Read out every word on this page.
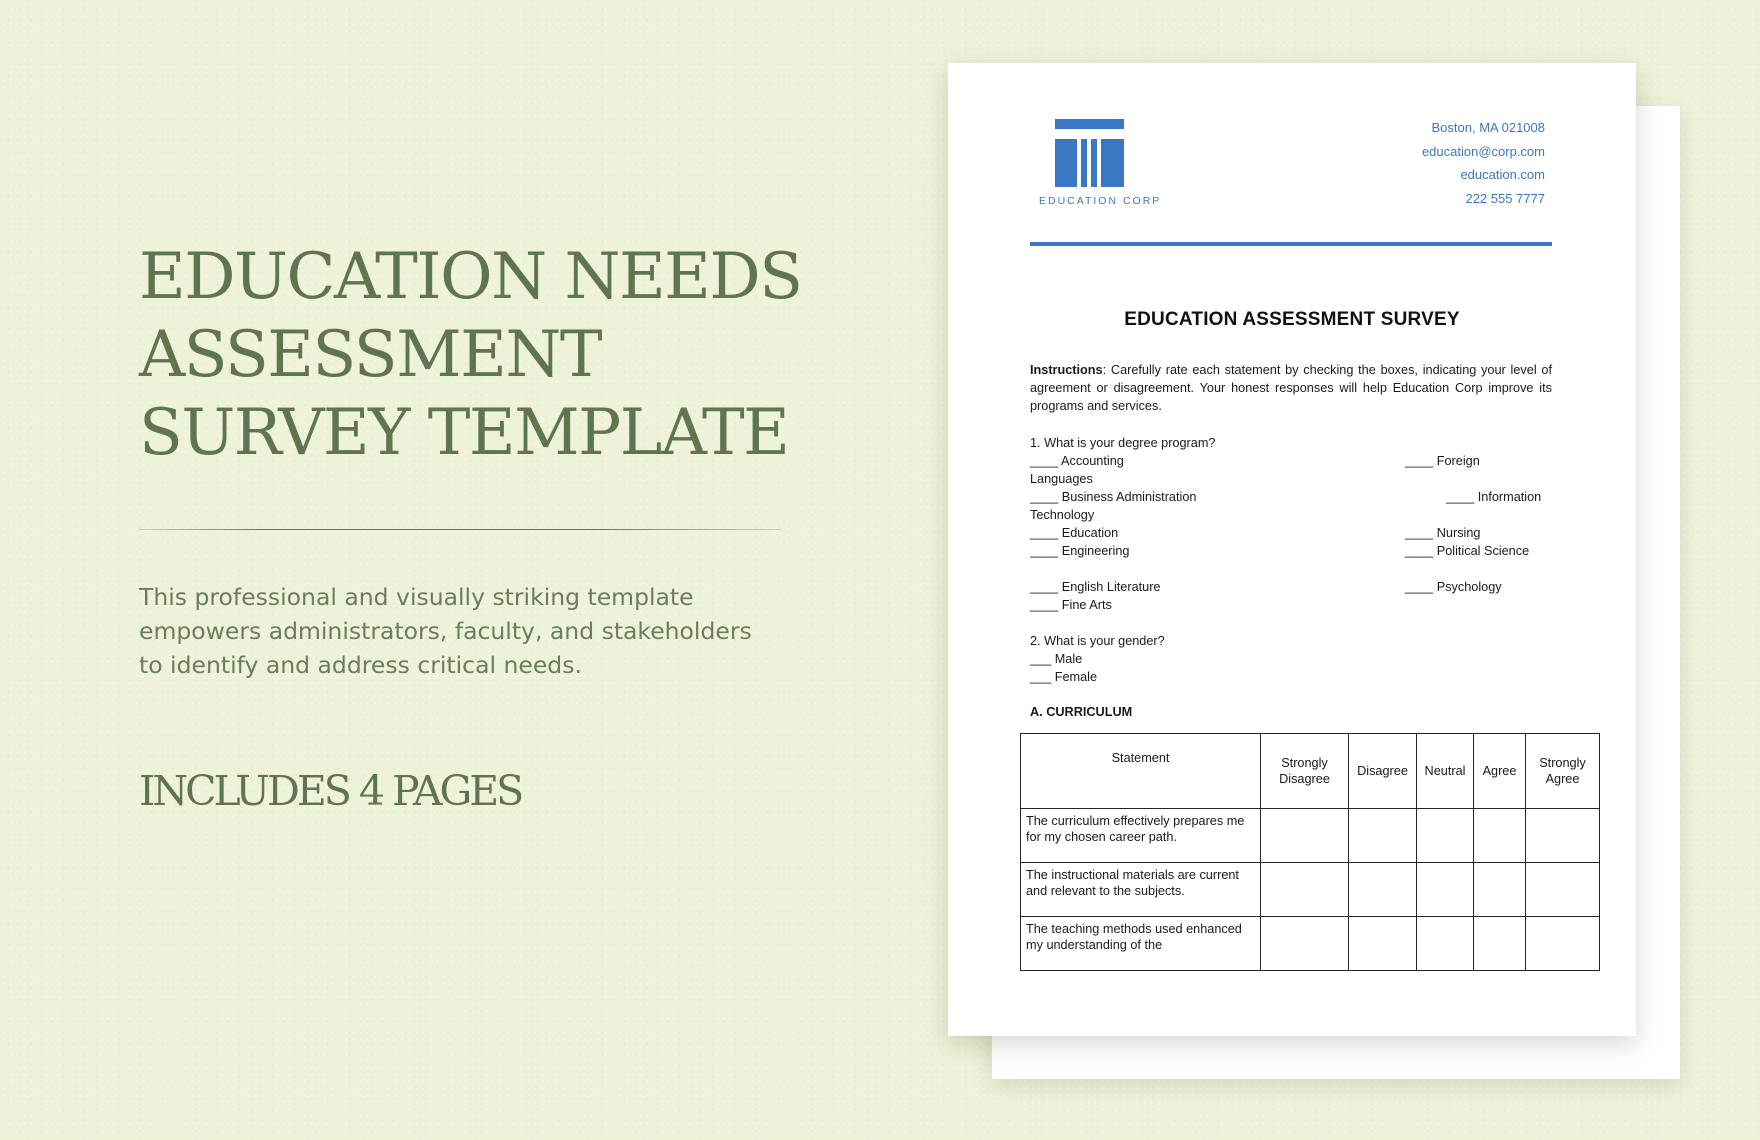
EDUCATION NEEDS
ASSESSMENT
SURVEY TEMPLATE

This professional and visually striking template empowers administrators, faculty, and stakeholders to identify and address critical needs.

INCLUDES 4 PAGES

EDUCATION CORP
Boston, MA 021008
education@corp.com
education.com
222 555 7777
EDUCATION ASSESSMENT SURVEY
Instructions: Carefully rate each statement by checking the boxes, indicating your level of agreement or disagreement. Your honest responses will help Education Corp improve its programs and services.
1. What is your degree program?
____ Accounting	____ Foreign
Languages
____ Business Administration	____ Information
Technology
____ Education	____ Nursing
____ Engineering	____ Political Science
____ English Literature	____ Psychology
____ Fine Arts
2. What is your gender?
___ Male
___ Female
A. CURRICULUM
Statement	Strongly Disagree	Disagree	Neutral	Agree	Strongly Agree
The curriculum effectively prepares me for my chosen career path.					
The instructional materials are current and relevant to the subjects.					
The teaching methods used enhanced my understanding of the					
